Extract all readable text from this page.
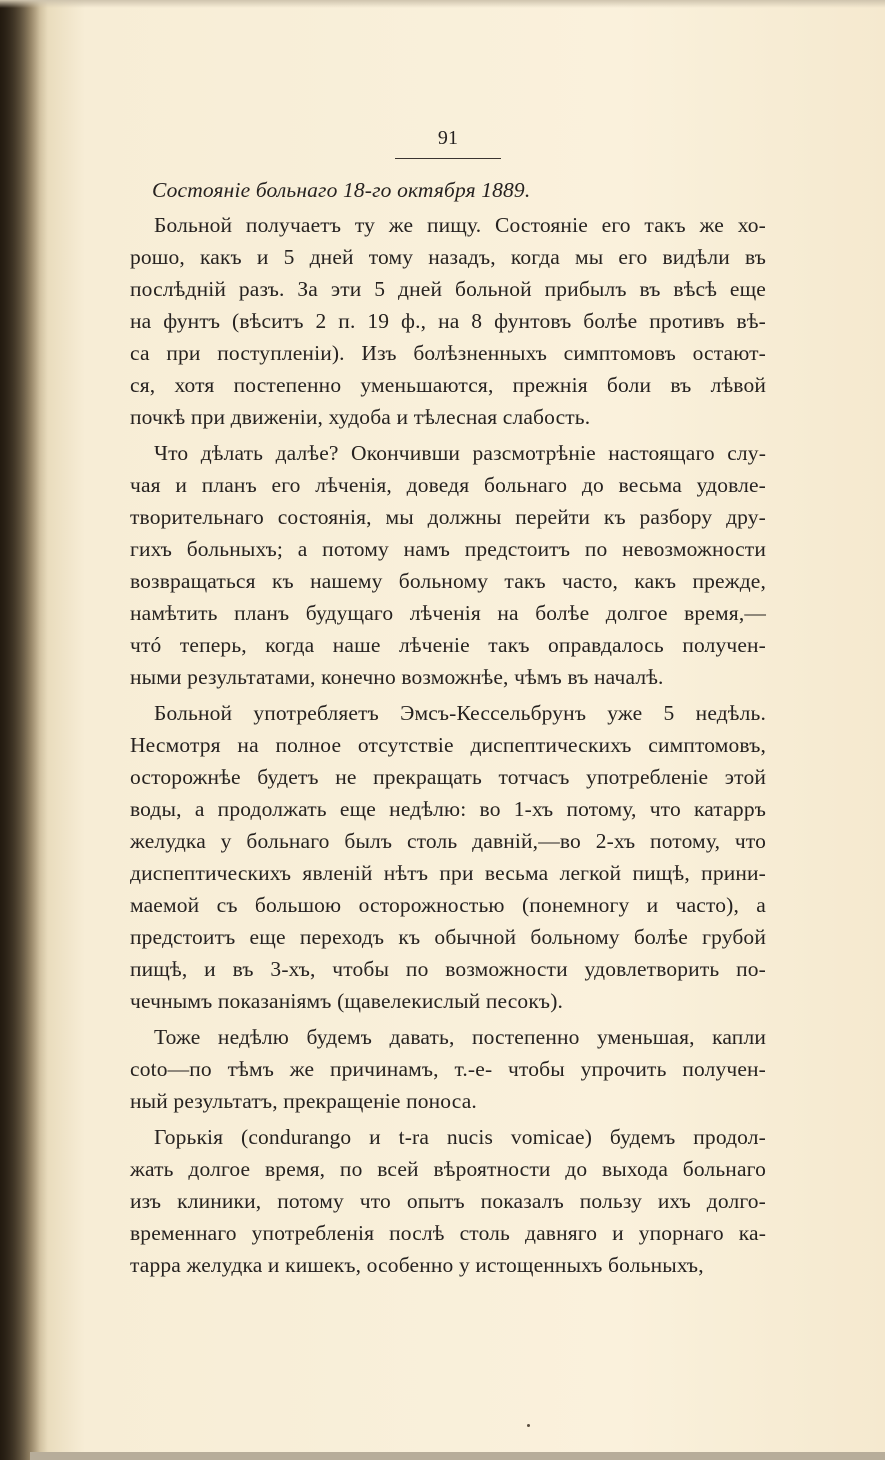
91
Состоянiе больнаго 18-го октября 1889.
Больной получаетъ ту же пищу. Состоянiе его такъ же хо-
рошо, какъ и 5 дней тому назадъ, когда мы его видѣли въ
послѣднiй разъ. За эти 5 дней больной прибылъ въ вѣсѣ еще
на фунтъ (вѣситъ 2 п. 19 ф., на 8 фунтовъ болѣе противъ вѣ-
са при поступленiи). Изъ болѣзненныхъ симптомовъ остают-
ся, хотя постепенно уменьшаются, прежнiя боли въ лѣвой
почкѣ при движенiи, худоба и тѣлесная слабость.
Что дѣлать далѣе? Окончивши разсмотрѣнiе настоящаго слу-
чая и планъ его лѣченiя, доведя больнаго до весьма удовле-
творительнаго состоянiя, мы должны перейти къ разбору дру-
гихъ больныхъ; а потому намъ предстоитъ по невозможности
возвращаться къ нашему больному такъ часто, какъ прежде,
намѣтить планъ будущаго лѣченiя на болѣе долгое время,—
чтó теперь, когда наше лѣченiе такъ оправдалось получен-
ными результатами, конечно возможнѣе, чѣмъ въ началѣ.
Больной употребляетъ Эмсъ-Кессельбрунъ уже 5 недѣль.
Несмотря на полное отсутствiе диспептическихъ симптомовъ,
осторожнѣе будетъ не прекращать тотчасъ употребленiе этой
воды, а продолжать еще недѣлю: во 1-хъ потому, что катарръ
желудка у больнаго былъ столь давнiй,—во 2-хъ потому, что
диспептическихъ явленiй нѣтъ при весьма легкой пищѣ, прини-
маемой съ большою осторожностью (понемногу и часто), а
предстоитъ еще переходъ къ обычной больному болѣе грубой
пищѣ, и въ 3-хъ, чтобы по возможности удовлетворить по-
чечнымъ показанiямъ (щавелекислый песокъ).
Тоже недѣлю будемъ давать, постепенно уменьшая, капли
coto—по тѣмъ же причинамъ, т.-е- чтобы упрочить получен-
ный результатъ, прекращенiе поноса.
Горькiя (condurango и t-ra nucis vomicae) будемъ продол-
жать долгое время, по всей вѣроятности до выхода больнаго
изъ клиники, потому что опытъ показалъ пользу ихъ долго-
временнаго употребленiя послѣ столь давняго и упорнаго ка-
тарра желудка и кишекъ, особенно у истощенныхъ больныхъ,
